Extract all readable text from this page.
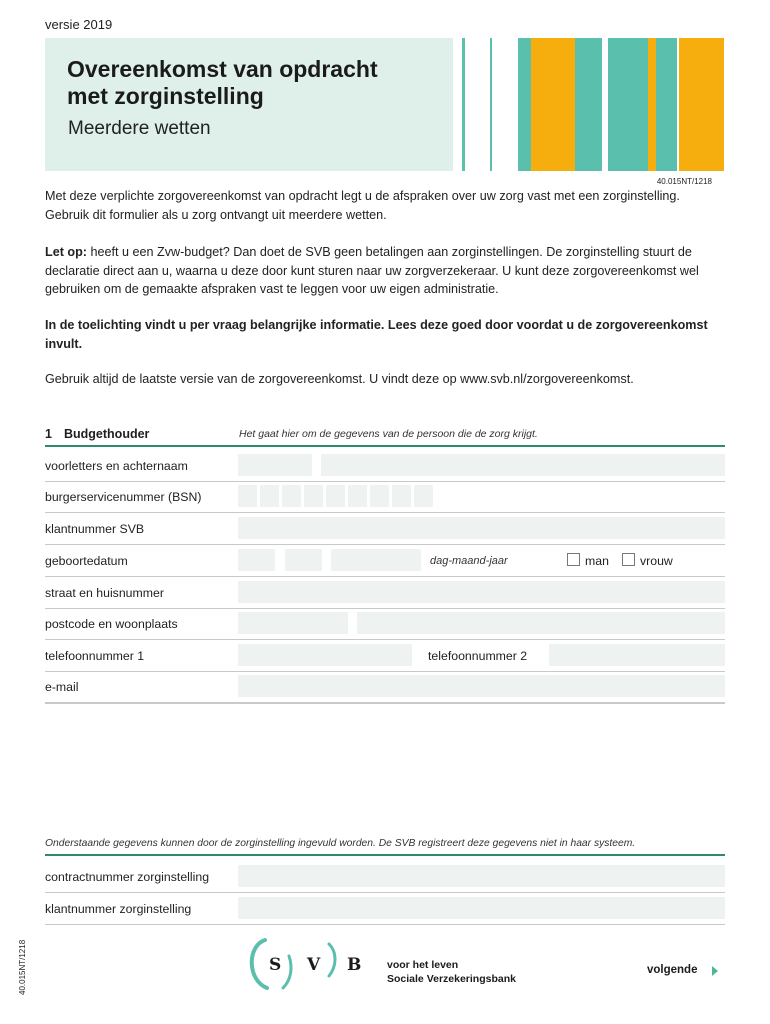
versie 2019
Overeenkomst van opdracht
met zorginstelling
Meerdere wetten
40.015NT/1218
Met deze verplichte zorgovereenkomst van opdracht legt u de afspraken over uw zorg vast met een zorginstelling. Gebruik dit formulier als u zorg ontvangt uit meerdere wetten.
Let op: heeft u een Zvw-budget? Dan doet de SVB geen betalingen aan zorginstellingen. De zorginstelling stuurt de declaratie direct aan u, waarna u deze door kunt sturen naar uw zorgverzekeraar. U kunt deze zorgovereenkomst wel gebruiken om de gemaakte afspraken vast te leggen voor uw eigen administratie.
In de toelichting vindt u per vraag belangrijke informatie. Lees deze goed door voordat u de zorgovereenkomst invult.
Gebruik altijd de laatste versie van de zorgovereenkomst. U vindt deze op www.svb.nl/zorgovereenkomst.
1 Budgethouder	Het gaat hier om de gegevens van de persoon die de zorg krijgt.
voorletters en achternaam
burgerservicenummer (BSN)
klantnummer SVB
geboortedatum	dag-maand-jaar	man	vrouw
straat en huisnummer
postcode en woonplaats
telefoonnummer 1	telefoonnummer 2
e-mail
Onderstaande gegevens kunnen door de zorginstelling ingevuld worden. De SVB registreert deze gegevens niet in haar systeem.
contractnummer zorginstelling
klantnummer zorginstelling
40.015NT/1218	S V B voor het leven
Sociale Verzekeringsbank
volgende
